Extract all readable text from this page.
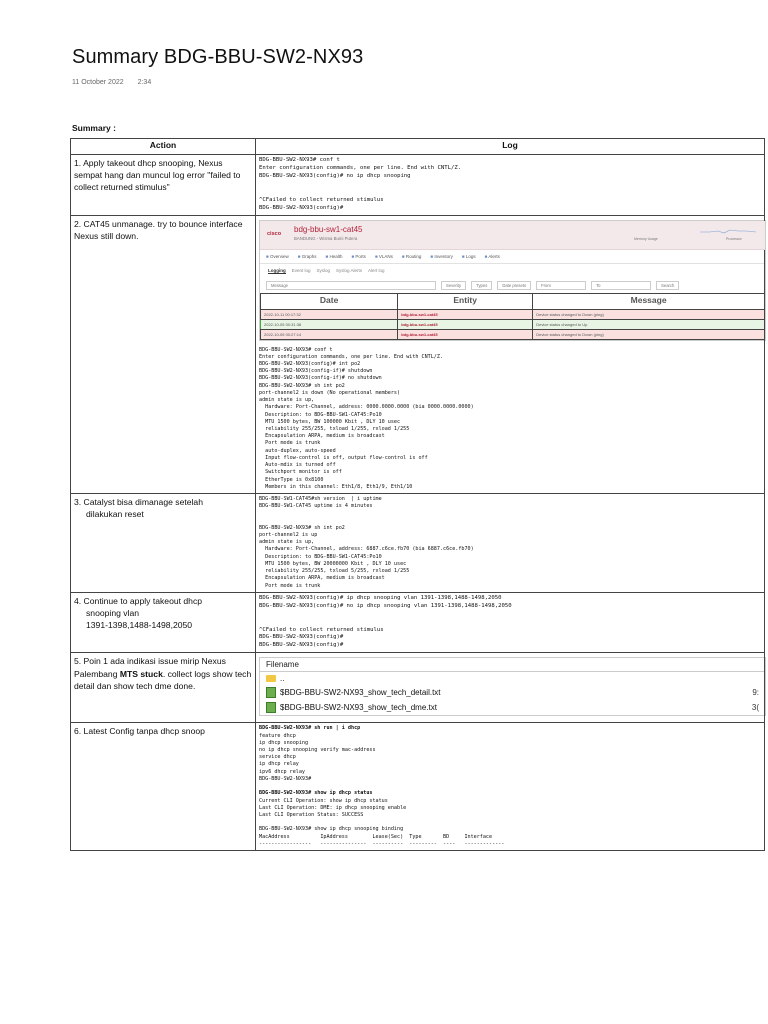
Summary BDG-BBU-SW2-NX93
11 October 2022 2:34
Summary :
Action	Log
1. Apply takeout dhcp snooping, Nexus sempat hang dan muncul log error "failed to collect returned stimulus"	
BDG-BBU-SW2-NX93# conf t
Enter configuration commands, one per line. End with CNTL/Z.
BDG-BBU-SW2-NX93(config)# no ip dhcp snooping

^CFailed to collect returned stimulus
BDG-BBU-SW2-NX93(config)#

2. CAT45 unmanage. try to bounce interface Nexus still down.	cisco bdg-bbu-sw1-cat45
BANDUNG - Wisma Bumi Putera	Memory Usage	Processor
■ Overview	■ Graphs	■ Health	■ Ports	■ VLANs	■ Routing	■ Inventory	■ Logs	■ Alerts
Logging Event log Syslog Syslog Alerts Alert log
Message	Severity	Types	Date presets	From	To	Search
Date	Entity	Message
2022-10-11 00:17:32	bdg-bbu-sw1-cat45	Device status changed to Down (ping)
2022-10-05 00:31:38	bdg-bbu-sw1-cat45	Device status changed to Up
2022-10-05 00:27:14	bdg-bbu-sw1-cat45	Device status changed to Down (ping)
BDG-BBU-SW2-NX93# conf t
Enter configuration commands, one per line. End with CNTL/Z.
BDG-BBU-SW2-NX93(config)# int po2
BDG-BBU-SW2-NX93(config-if)# shutdown
BDG-BBU-SW2-NX93(config-if)# no shutdown
BDG-BBU-SW2-NX93# sh int po2
port-channel2 is down (No operational members)
admin state is up,
Hardware: Port-Channel, address: 0000.0000.0000 (bia 0000.0000.0000)
Description: to BDG-BBU-SW1-CAT45:Po10
MTU 1500 bytes, BW 100000 Kbit , DLY 10 usec
reliability 255/255, txload 1/255, rxload 1/255
Encapsulation ARPA, medium is broadcast
Port mode is trunk
auto-duplex, auto-speed
Input flow-control is off, output flow-control is off
Auto-mdix is turned off
Switchport monitor is off
EtherType is 0x8100
Members in this channel: Eth1/8, Eth1/9, Eth1/10

3. Catalyst bisa dimanage setelah
dilakukan reset

BDG-BBU-SW1-CAT45#sh version  | i uptime
BDG-BBU-SW1-CAT45 uptime is 4 minutes

BDG-BBU-SW2-NX93# sh int po2
port-channel2 is up
admin state is up,
Hardware: Port-Channel, address: 6887.c6ce.fb70 (bia 6887.c6ce.fb70)
Description: to BDG-BBU-SW1-CAT45:Po10
MTU 1500 bytes, BW 20000000 Kbit , DLY 10 usec
reliability 255/255, txload 5/255, rxload 1/255
Encapsulation ARPA, medium is broadcast
Port mode is trunk

4. Continue to apply takeout dhcp
snooping vlan
1391-1398,1488-1498,2050

BDG-BBU-SW2-NX93(config)# ip dhcp snooping vlan 1391-1398,1488-1498,2050
BDG-BBU-SW2-NX93(config)# no ip dhcp snooping vlan 1391-1398,1488-1498,2050

^CFailed to collect returned stimulus
BDG-BBU-SW2-NX93(config)#
BDG-BBU-SW2-NX93(config)#

5. Poin 1 ada indikasi issue mirip Nexus Palembang MTS stuck. collect logs show tech detail dan show tech dme done.	
Filename
..
$BDG-BBU-SW2-NX93_show_tech_detail.txt	9:
$BDG-BBU-SW2-NX93_show_tech_dme.txt	3(

6. Latest Config tanpa dhcp snoop	BDG-BBU-SW2-NX93# sh run | i dhcp
feature dhcp
ip dhcp snooping
no ip dhcp snooping verify mac-address
service dhcp
ip dhcp relay
ipv6 dhcp relay
BDG-BBU-SW2-NX93#

BDG-BBU-SW2-NX93# show ip dhcp status
Current CLI Operation: show ip dhcp status
Last CLI Operation: DME: ip dhcp snooping enable
Last CLI Operation Status: SUCCESS

BDG-BBU-SW2-NX93# show ip dhcp snooping binding
MacAddress          IpAddress        Lease(Sec)  Type       BD     Interface
-----------------   ---------------  ----------  ---------  ----   -------------
